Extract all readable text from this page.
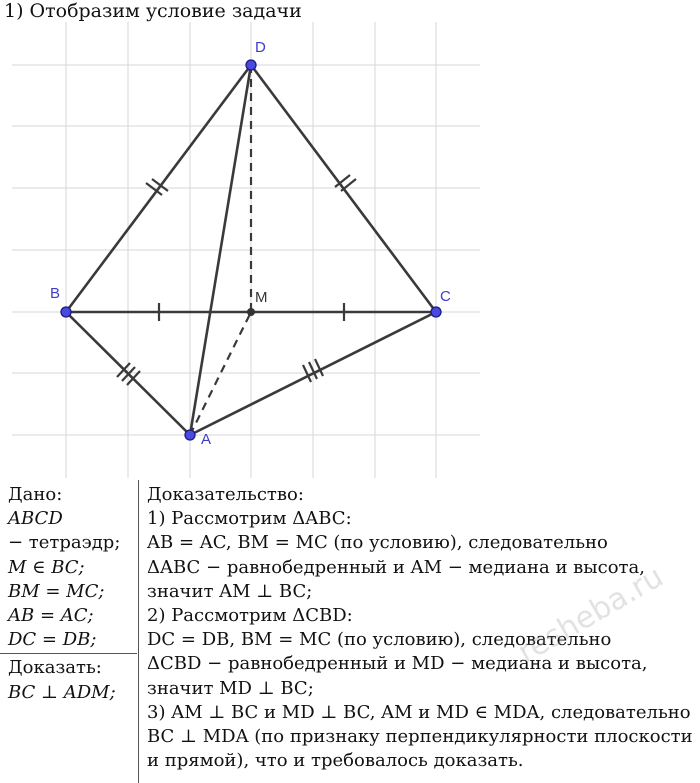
1) Отобразим условие задачи
D
B	C
M
A
Дано:
ABCD
− тетраэдр;
M ∈ BC;
BM = MC;
AB = AC;
DC = DB;
Доказать:
BC ⊥ ADM;
Доказательство:
1) Рассмотрим ΔABC:
AB = AC, BM = MC (по условию), следовательно
ΔABC − равнобедренный и AM − медиана и высота,
значит AM ⊥ BC;
2) Рассмотрим ΔCBD:
DC = DB, BM = MC (по условию), следовательно
ΔCBD − равнобедренный и MD − медиана и высота,
значит MD ⊥ BC;
3) AM ⊥ BC и MD ⊥ BC, AM и MD ∈ MDA, следовательно
BC ⊥ MDA (по признаку перпендикулярности плоскости
и прямой), что и требовалось доказать.
resheba.ru
